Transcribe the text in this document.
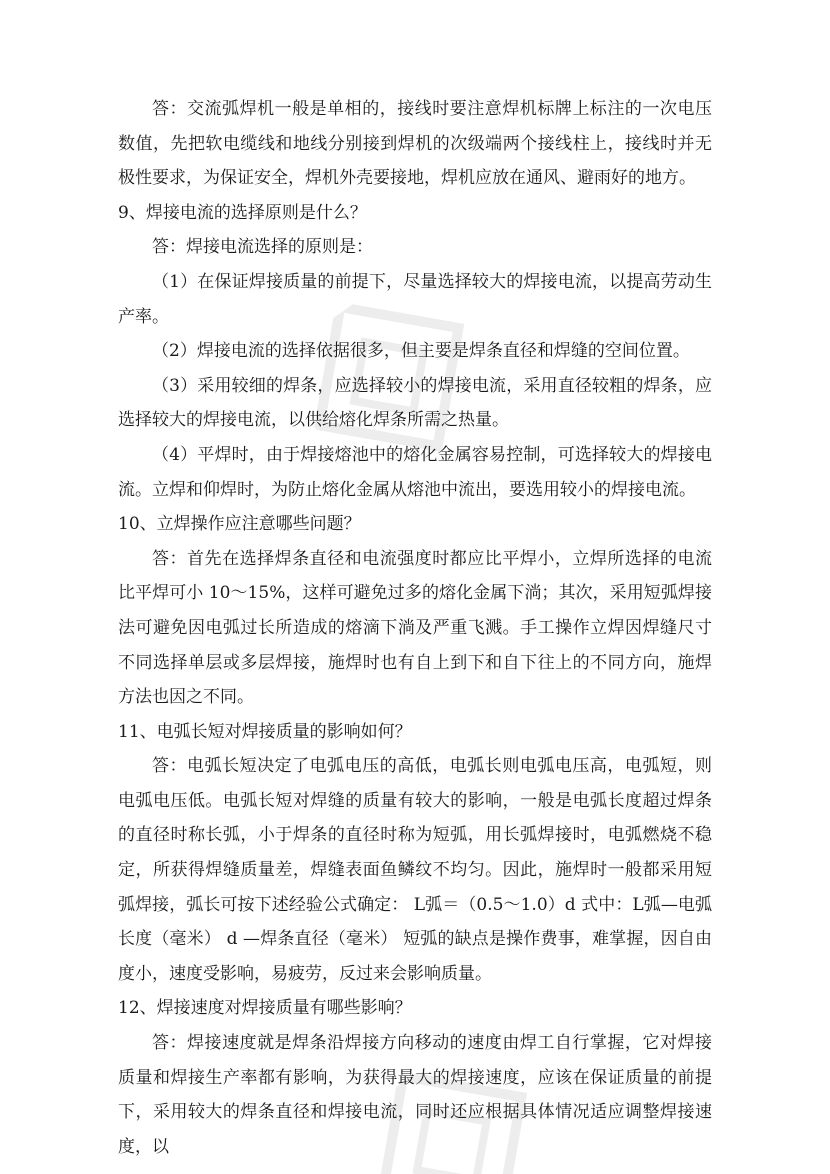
答：交流弧焊机一般是单相的，接线时要注意焊机标牌上标注的一次电压数值，先把软电缆线和地线分别接到焊机的次级端两个接线柱上，接线时并无极性要求，为保证安全，焊机外壳要接地，焊机应放在通风、避雨好的地方。

9、焊接电流的选择原则是什么？

答：焊接电流选择的原则是：

（1）在保证焊接质量的前提下，尽量选择较大的焊接电流，以提高劳动生产率。

（2）焊接电流的选择依据很多，但主要是焊条直径和焊缝的空间位置。

（3）采用较细的焊条，应选择较小的焊接电流，采用直径较粗的焊条，应选择较大的焊接电流，以供给熔化焊条所需之热量。

（4）平焊时，由于焊接熔池中的熔化金属容易控制，可选择较大的焊接电流。立焊和仰焊时，为防止熔化金属从熔池中流出，要选用较小的焊接电流。

10、立焊操作应注意哪些问题？

答：首先在选择焊条直径和电流强度时都应比平焊小，立焊所选择的电流比平焊可小 10～15%，这样可避免过多的熔化金属下淌；其次，采用短弧焊接法可避免因电弧过长所造成的熔滴下淌及严重飞溅。手工操作立焊因焊缝尺寸不同选择单层或多层焊接，施焊时也有自上到下和自下往上的不同方向，施焊方法也因之不同。

11、电弧长短对焊接质量的影响如何？

答：电弧长短决定了电弧电压的高低，电弧长则电弧电压高，电弧短，则电弧电压低。电弧长短对焊缝的质量有较大的影响，一般是电弧长度超过焊条的直径时称长弧，小于焊条的直径时称为短弧，用长弧焊接时，电弧燃烧不稳定，所获得焊缝质量差，焊缝表面鱼鳞纹不均匀。因此，施焊时一般都采用短弧焊接，弧长可按下述经验公式确定： L弧＝（0.5～1.0）d 式中：L弧—电弧长度（毫米） d —焊条直径（毫米） 短弧的缺点是操作费事，难掌握，因自由度小，速度受影响，易疲劳，反过来会影响质量。

12、焊接速度对焊接质量有哪些影响？

答：焊接速度就是焊条沿焊接方向移动的速度由焊工自行掌握，它对焊接质量和焊接生产率都有影响，为获得最大的焊接速度，应该在保证质量的前提下，采用较大的焊条直径和焊接电流，同时还应根据具体情况适应调整焊接速度，以
